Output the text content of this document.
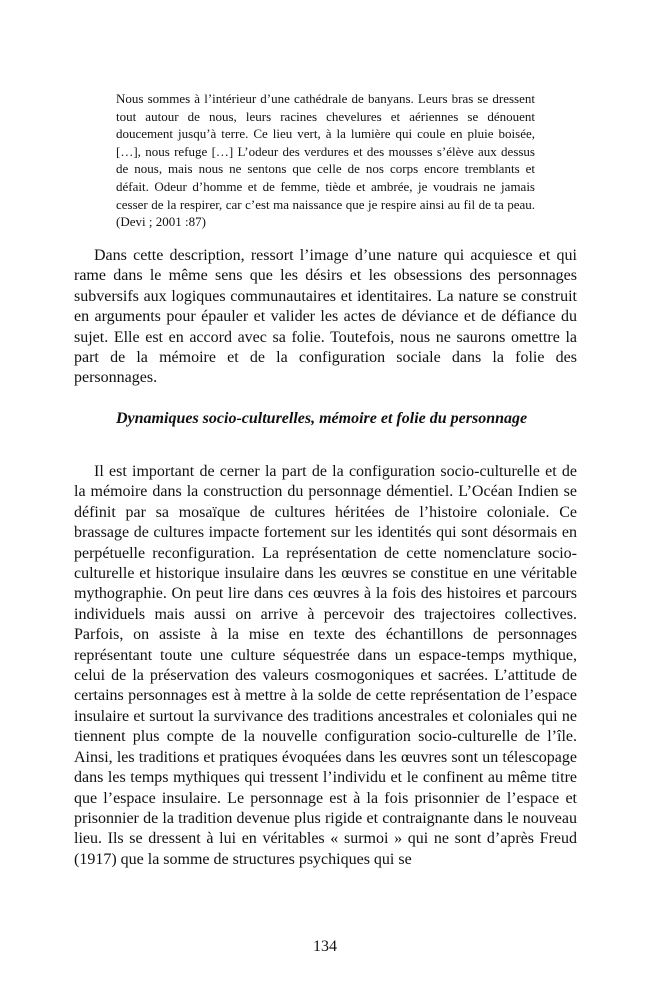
Nous sommes à l’intérieur d’une cathédrale de banyans. Leurs bras se dressent tout autour de nous, leurs racines chevelures et aériennes se dénouent doucement jusqu’à terre. Ce lieu vert, à la lumière qui coule en pluie boisée, […], nous refuge […] L’odeur des verdures et des mousses s’élève aux dessus de nous, mais nous ne sentons que celle de nos corps encore tremblants et défait. Odeur d’homme et de femme, tiède et ambrée, je voudrais ne jamais cesser de la respirer, car c’est ma naissance que je respire ainsi au fil de ta peau. (Devi ; 2001 :87)

Dans cette description, ressort l’image d’une nature qui acquiesce et qui rame dans le même sens que les désirs et les obsessions des personnages subversifs aux logiques communautaires et identitaires. La nature se construit en arguments pour épauler et valider les actes de déviance et de défiance du sujet. Elle est en accord avec sa folie. Toutefois, nous ne saurons omettre la part de la mémoire et de la configuration sociale dans la folie des personnages.

Dynamiques socio-culturelles, mémoire et folie du personnage

Il est important de cerner la part de la configuration socio-culturelle et de la mémoire dans la construction du personnage démentiel. L’Océan Indien se définit par sa mosaïque de cultures héritées de l’histoire coloniale. Ce brassage de cultures impacte fortement sur les identités qui sont désormais en perpétuelle reconfiguration. La représentation de cette nomenclature socio-culturelle et historique insulaire dans les œuvres se constitue en une véritable mythographie. On peut lire dans ces œuvres à la fois des histoires et parcours individuels mais aussi on arrive à percevoir des trajectoires collectives. Parfois, on assiste à la mise en texte des échantillons de personnages représentant toute une culture séquestrée dans un espace-temps mythique, celui de la préservation des valeurs cosmogoniques et sacrées. L’attitude de certains personnages est à mettre à la solde de cette représentation de l’espace insulaire et surtout la survivance des traditions ancestrales et coloniales qui ne tiennent plus compte de la nouvelle configuration socio-culturelle de l’île. Ainsi, les traditions et pratiques évoquées dans les œuvres sont un télescopage dans les temps mythiques qui tressent l’individu et le confinent au même titre que l’espace insulaire. Le personnage est à la fois prisonnier de l’espace et prisonnier de la tradition devenue plus rigide et contraignante dans le nouveau lieu. Ils se dressent à lui en véritables « surmoi » qui ne sont d’après Freud (1917) que la somme de structures psychiques qui se

134
